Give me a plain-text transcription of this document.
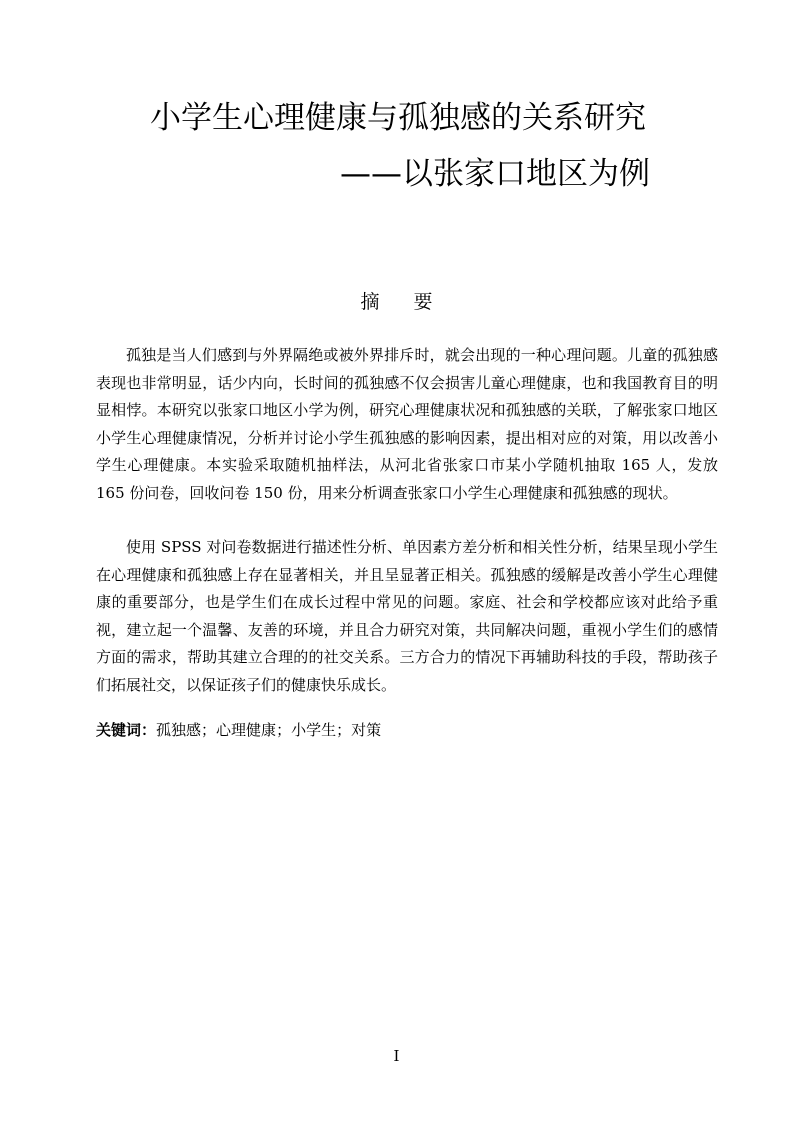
小学生心理健康与孤独感的关系研究
——以张家口地区为例
摘 要

孤独是当人们感到与外界隔绝或被外界排斥时，就会出现的一种心理问题。儿童的孤独感表现也非常明显，话少内向，长时间的孤独感不仅会损害儿童心理健康，也和我国教育目的明显相悖。本研究以张家口地区小学为例，研究心理健康状况和孤独感的关联，了解张家口地区小学生心理健康情况，分析并讨论小学生孤独感的影响因素，提出相对应的对策，用以改善小学生心理健康。本实验采取随机抽样法，从河北省张家口市某小学随机抽取 165 人，发放 165 份问卷，回收问卷 150 份，用来分析调查张家口小学生心理健康和孤独感的现状。

使用 SPSS 对问卷数据进行描述性分析、单因素方差分析和相关性分析，结果呈现小学生在心理健康和孤独感上存在显著相关，并且呈显著正相关。孤独感的缓解是改善小学生心理健康的重要部分，也是学生们在成长过程中常见的问题。家庭、社会和学校都应该对此给予重视，建立起一个温馨、友善的环境，并且合力研究对策，共同解决问题，重视小学生们的感情方面的需求，帮助其建立合理的的社交关系。三方合力的情况下再辅助科技的手段，帮助孩子们拓展社交，以保证孩子们的健康快乐成长。

关键词：孤独感；心理健康；小学生；对策
I
